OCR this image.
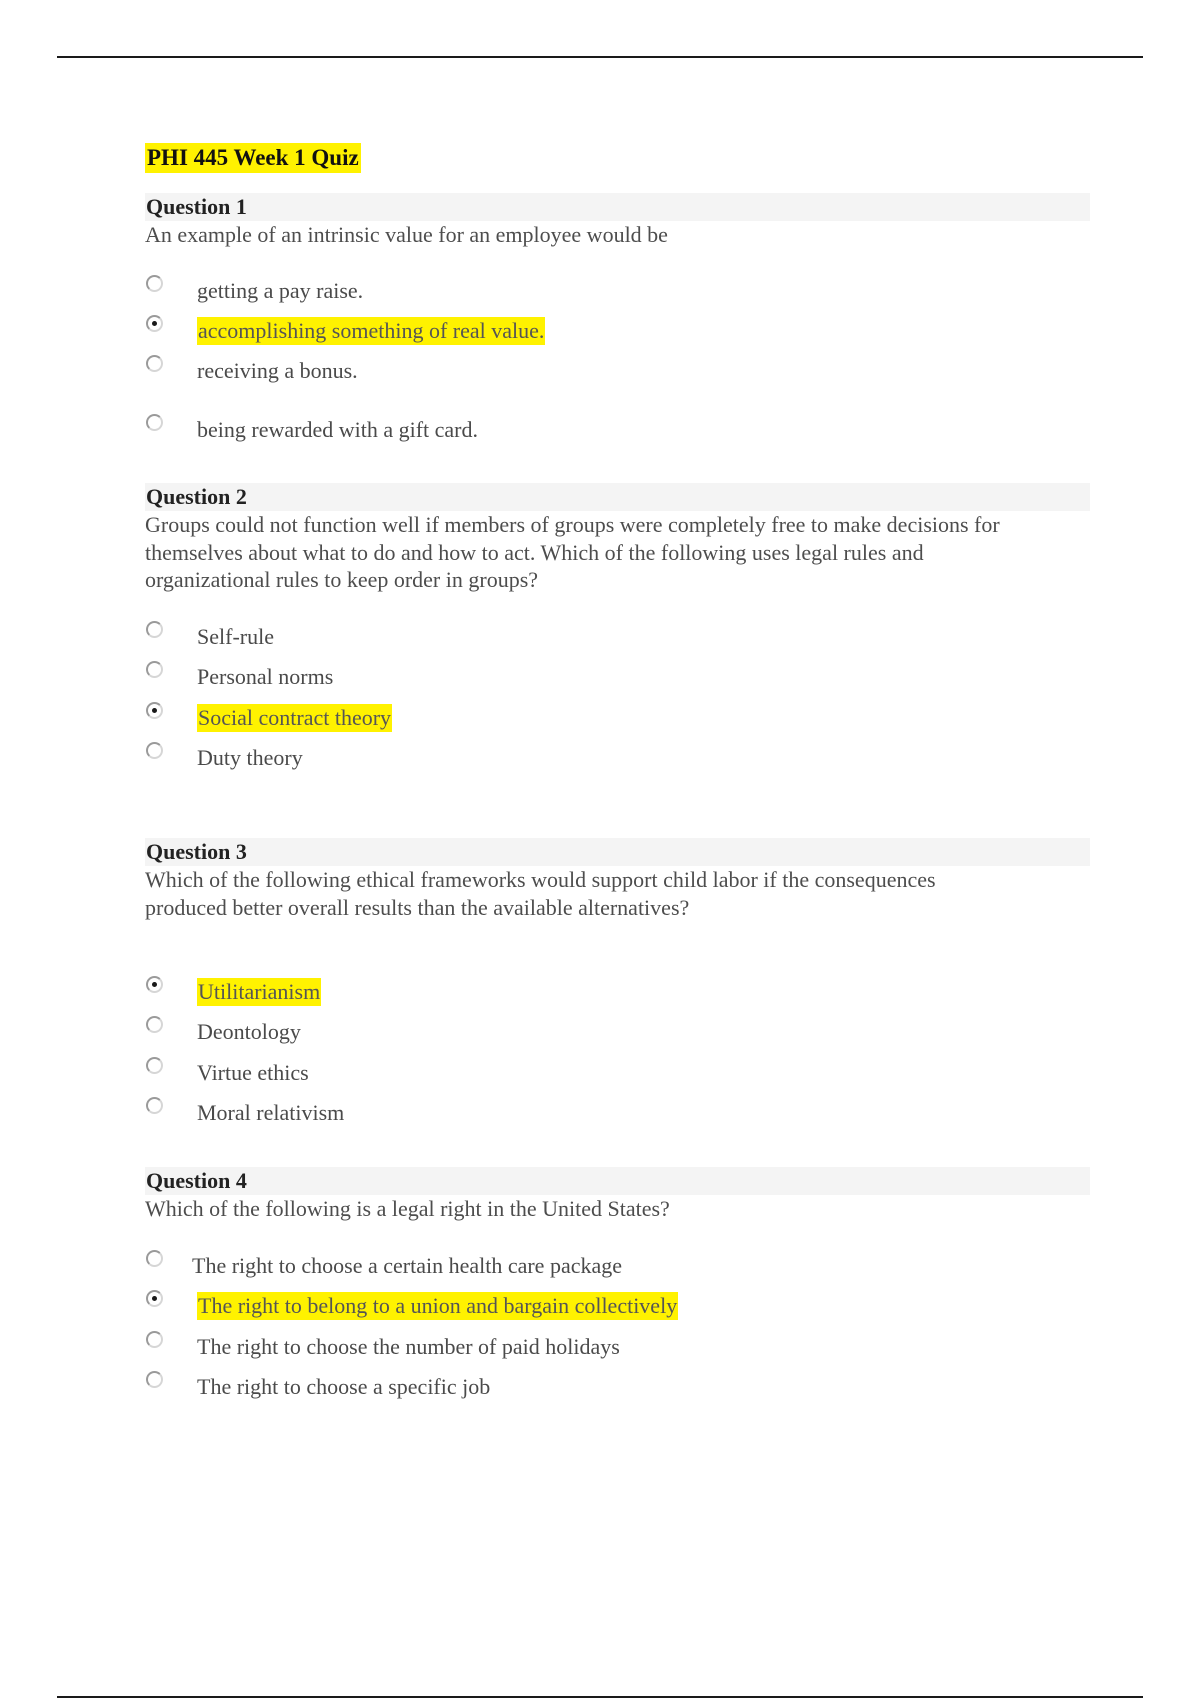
PHI 445 Week 1 Quiz
Question 1
An example of an intrinsic value for an employee would be
getting a pay raise.
accomplishing something of real value.
receiving a bonus.
being rewarded with a gift card.
Question 2
Groups could not function well if members of groups were completely free to make decisions for
themselves about what to do and how to act. Which of the following uses legal rules and
organizational rules to keep order in groups?
Self-rule
Personal norms
Social contract theory
Duty theory
Question 3
Which of the following ethical frameworks would support child labor if the consequences
produced better overall results than the available alternatives?
Utilitarianism
Deontology
Virtue ethics
Moral relativism
Question 4
Which of the following is a legal right in the United States?
The right to choose a certain health care package
The right to belong to a union and bargain collectively
The right to choose the number of paid holidays
The right to choose a specific job
